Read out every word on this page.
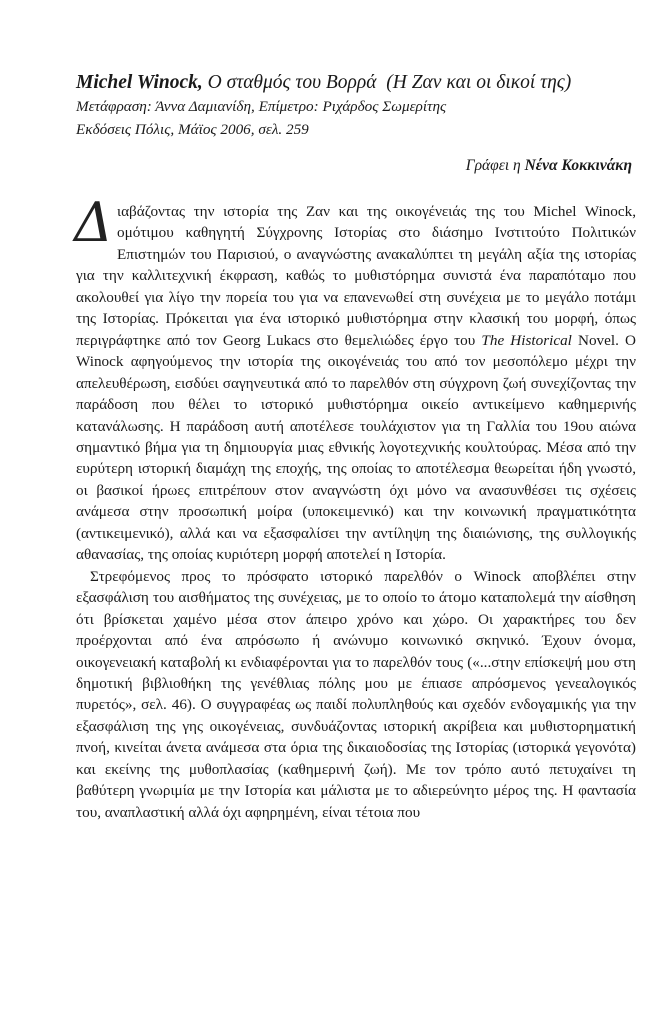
Michel Winock, Ο σταθμός του Βορρά (Η Ζαν και οι δικοί της)
Μετάφραση: Άννα Δαμιανίδη, Επίμετρο: Ριχάρδος Σωμερίτης
Εκδόσεις Πόλις, Μάϊος 2006, σελ. 259
Γράφει η Νένα Κοκκινάκη

Διαβάζοντας την ιστορία της Ζαν και της οικογένειάς της του Michel Winock, ομότιμου καθηγητή Σύγχρονης Ιστορίας στο διάσημο Ινστιτούτο Πολιτικών Επιστημών του Παρισιού, ο αναγνώστης ανακαλύπτει τη μεγάλη αξία της ιστορίας για την καλλιτεχνική έκφραση, καθώς το μυθιστόρημα συνιστά ένα παραπόταμο που ακολουθεί για λίγο την πορεία του για να επανενωθεί στη συνέχεια με το μεγάλο ποτάμι της Ιστορίας. Πρόκειται για ένα ιστορικό μυθιστόρημα στην κλασική του μορφή, όπως περιγράφτηκε από τον Georg Lukacs στο θεμελιώδες έργο του The Historical Novel. Ο Winock αφηγούμενος την ιστορία της οικογένειάς του από τον μεσοπόλεμο μέχρι την απελευθέρωση, εισδύει σαγηνευτικά από το παρελθόν στη σύγχρονη ζωή συνεχίζοντας την παράδοση που θέλει το ιστορικό μυθιστόρημα οικείο αντικείμενο καθημερινής κατανάλωσης. Η παράδοση αυτή αποτέλεσε τουλάχιστον για τη Γαλλία του 19ου αιώνα σημαντικό βήμα για τη δημιουργία μιας εθνικής λογοτεχνικής κουλτούρας. Μέσα από την ευρύτερη ιστορική διαμάχη της εποχής, της οποίας το αποτέλεσμα θεωρείται ήδη γνωστό, οι βασικοί ήρωες επιτρέπουν στον αναγνώστη όχι μόνο να ανασυνθέσει τις σχέσεις ανάμεσα στην προσωπική μοίρα (υποκειμενικό) και την κοινωνική πραγματικότητα (αντικειμενικό), αλλά και να εξασφαλίσει την αντίληψη της διαιώνισης, της συλλογικής αθανασίας, της οποίας κυριότερη μορφή αποτελεί η Ιστορία.

Στρεφόμενος προς το πρόσφατο ιστορικό παρελθόν ο Winock αποβλέπει στην εξασφάλιση του αισθήματος της συνέχειας, με το οποίο το άτομο καταπολεμά την αίσθηση ότι βρίσκεται χαμένο μέσα στον άπειρο χρόνο και χώρο. Οι χαρακτήρες του δεν προέρχονται από ένα απρόσωπο ή ανώνυμο κοινωνικό σκηνικό. Έχουν όνομα, οικογενειακή καταβολή κι ενδιαφέρονται για το παρελθόν τους («...στην επίσκεψή μου στη δημοτική βιβλιοθήκη της γενέθλιας πόλης μου με έπιασε απρόσμενος γενεαλογικός πυρετός», σελ. 46). Ο συγγραφέας ως παιδί πολυπληθούς και σχεδόν ενδογαμικής για την εξασφάλιση της γης οικογένειας, συνδυάζοντας ιστορική ακρίβεια και μυθιστορηματική πνοή, κινείται άνετα ανάμεσα στα όρια της δικαιοδοσίας της Ιστορίας (ιστορικά γεγονότα) και εκείνης της μυθοπλασίας (καθημερινή ζωή). Με τον τρόπο αυτό πετυχαίνει τη βαθύτερη γνωριμία με την Ιστορία και μάλιστα με το αδιερεύνητο μέρος της. Η φαντασία του, αναπλαστική αλλά όχι αφηρημένη, είναι τέτοια που
